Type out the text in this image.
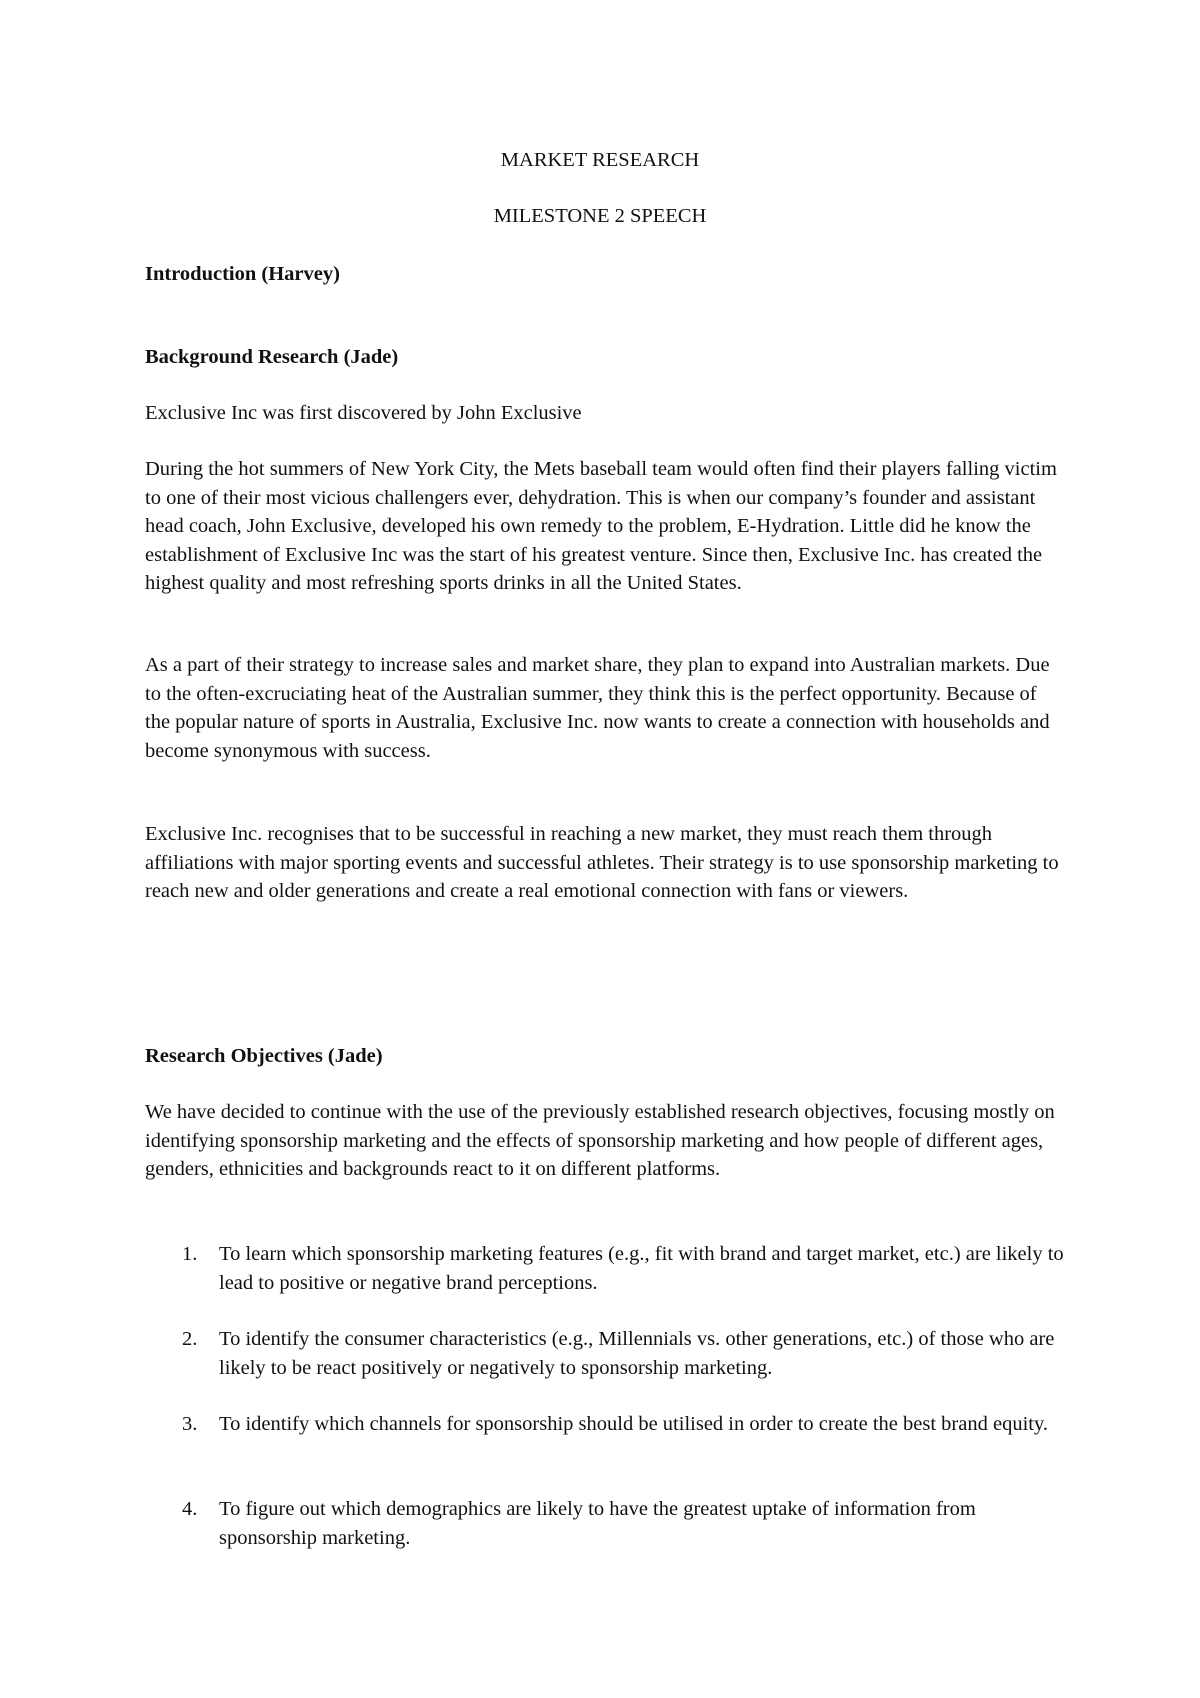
MARKET RESEARCH
MILESTONE 2 SPEECH
Introduction (Harvey)
Background Research (Jade)

Exclusive Inc was first discovered by John Exclusive

During the hot summers of New York City, the Mets baseball team would often find their players falling victim to one of their most vicious challengers ever, dehydration. This is when our company’s founder and assistant head coach, John Exclusive, developed his own remedy to the problem, E-Hydration. Little did he know the establishment of Exclusive Inc was the start of his greatest venture. Since then, Exclusive Inc. has created the highest quality and most refreshing sports drinks in all the United States.

As a part of their strategy to increase sales and market share, they plan to expand into Australian markets. Due to the often-excruciating heat of the Australian summer, they think this is the perfect opportunity. Because of the popular nature of sports in Australia, Exclusive Inc. now wants to create a connection with households and become synonymous with success.

Exclusive Inc. recognises that to be successful in reaching a new market, they must reach them through affiliations with major sporting events and successful athletes. Their strategy is to use sponsorship marketing to reach new and older generations and create a real emotional connection with fans or viewers.

Research Objectives (Jade)

We have decided to continue with the use of the previously established research objectives, focusing mostly on identifying sponsorship marketing and the effects of sponsorship marketing and how people of different ages, genders, ethnicities and backgrounds react to it on different platforms.

1.	To learn which sponsorship marketing features (e.g., fit with brand and target market, etc.) are likely to lead to positive or negative brand perceptions.
2.	To identify the consumer characteristics (e.g., Millennials vs. other generations, etc.) of those who are likely to be react positively or negatively to sponsorship marketing.
3.	To identify which channels for sponsorship should be utilised in order to create the best brand equity.
4.	To figure out which demographics are likely to have the greatest uptake of information from sponsorship marketing.
